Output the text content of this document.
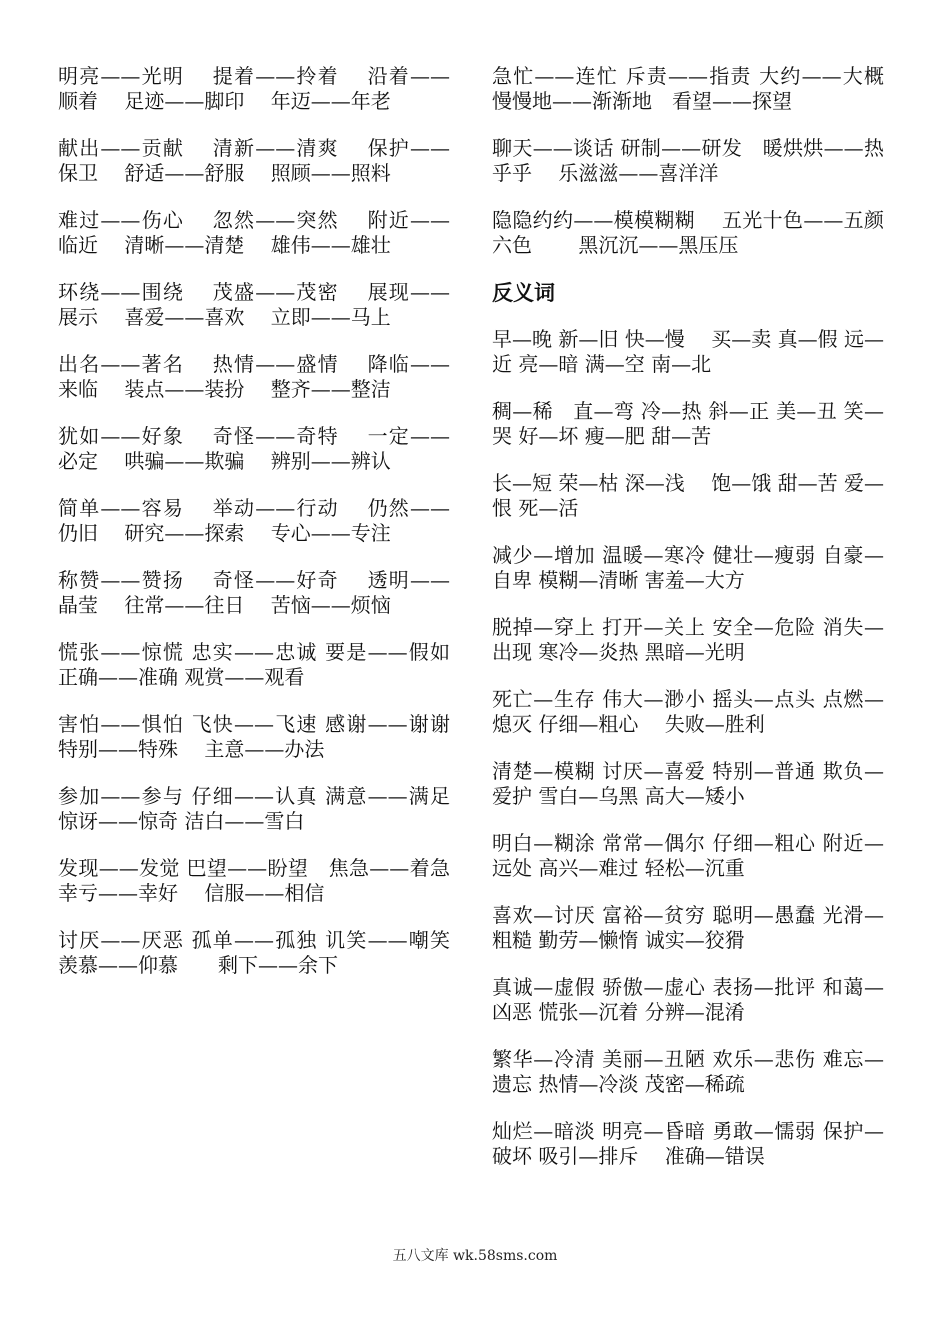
明亮——光明　 提着——拎着　 沿着——顺着　 足迹——脚印　 年迈——年老

献出——贡献　 清新——清爽　 保护——保卫　 舒适——舒服　 照顾——照料

难过——伤心　 忽然——突然　 附近——临近　 清晰——清楚　 雄伟——雄壮

环绕——围绕　 茂盛——茂密　 展现——展示　 喜爱——喜欢　 立即——马上

出名——著名　 热情——盛情　 降临——来临　 装点——装扮　 整齐——整洁

犹如——好象　 奇怪——奇特　 一定——必定　 哄骗——欺骗　 辨别——辨认

简单——容易　 举动——行动　 仍然——仍旧　 研究——探索　 专心——专注

称赞——赞扬　 奇怪——好奇　 透明——晶莹　 往常——往日　 苦恼——烦恼

慌张——惊慌 忠实——忠诚 要是——假如　 正确——准确 观赏——观看

害怕——惧怕 飞快——飞速 感谢——谢谢　 特别——特殊　 主意——办法

参加——参与 仔细——认真 满意——满足　 惊讶——惊奇 洁白——雪白

发现——发觉 巴望——盼望　焦急——着急　 幸亏——幸好　 信服——相信

讨厌——厌恶 孤单——孤独 讥笑——嘲笑　 羡慕——仰慕　　剩下——余下

急忙——连忙 斥责——指责 大约——大概　 慢慢地——渐渐地　看望——探望

聊天——谈话 研制——研发　暖烘烘——热乎乎　 乐滋滋——喜洋洋

隐隐约约——模模糊糊　 五光十色——五颜六色　　 黑沉沉——黑压压

反义词

早—晚 新—旧 快—慢　 买—卖 真—假 远—近 亮—暗 满—空 南—北

稠—稀　直—弯 冷—热 斜—正 美—丑 笑—哭 好—坏 瘦—肥 甜—苦

长—短 荣—枯 深—浅　 饱—饿 甜—苦 爱—恨 死—活

减少—增加 温暖—寒冷 健壮—瘦弱 自豪—自卑 模糊—清晰 害羞—大方

脱掉—穿上 打开—关上 安全—危险 消失—出现 寒冷—炎热 黑暗—光明

死亡—生存 伟大—渺小 摇头—点头 点燃—熄灭 仔细—粗心　 失败—胜利

清楚—模糊 讨厌—喜爱 特别—普通 欺负—爱护 雪白—乌黑 高大—矮小

明白—糊涂 常常—偶尔 仔细—粗心 附近—远处 高兴—难过 轻松—沉重

喜欢—讨厌 富裕—贫穷 聪明—愚蠢 光滑—粗糙 勤劳—懒惰 诚实—狡猾

真诚—虚假 骄傲—虚心 表扬—批评 和蔼—凶恶 慌张—沉着 分辨—混淆

繁华—冷清 美丽—丑陋 欢乐—悲伤 难忘—遗忘 热情—冷淡 茂密—稀疏

灿烂—暗淡 明亮—昏暗 勇敢—懦弱 保护—破坏 吸引—排斥　 准确—错误

五八文库 wk.58sms.com
